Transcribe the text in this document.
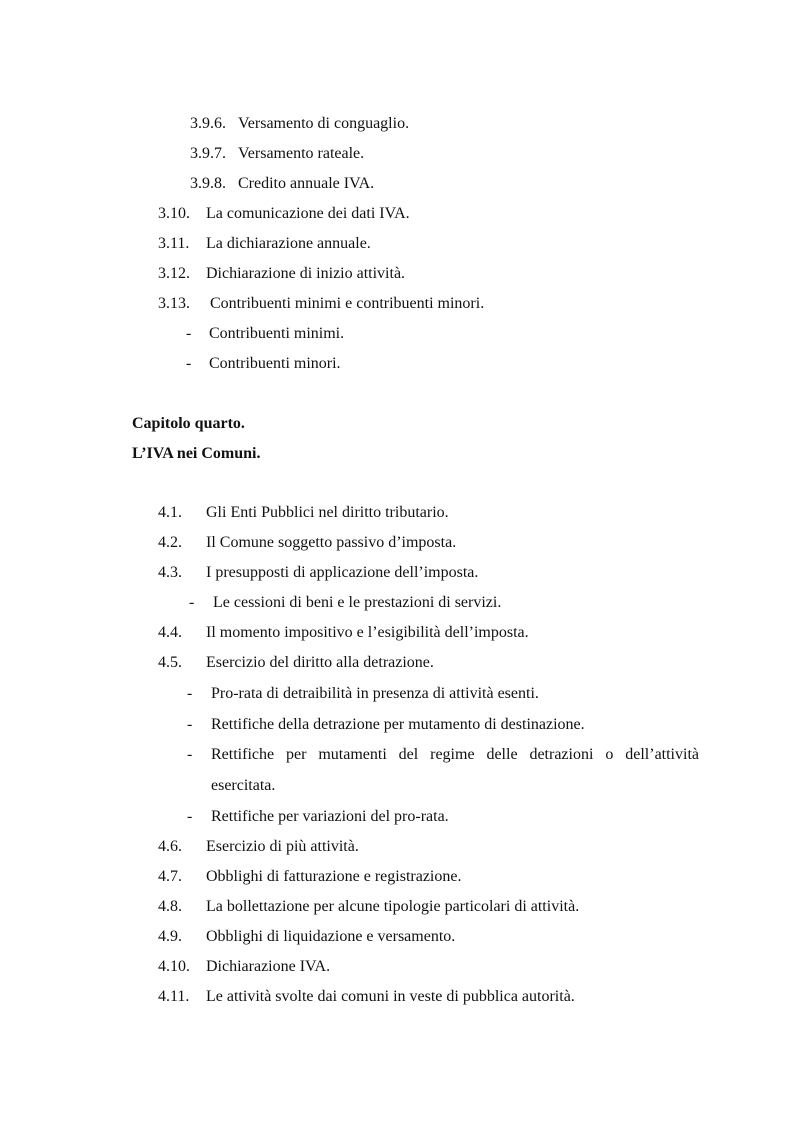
3.9.6. Versamento di conguaglio.
3.9.7. Versamento rateale.
3.9.8. Credito annuale IVA.
3.10. La comunicazione dei dati IVA.
3.11. La dichiarazione annuale.
3.12. Dichiarazione di inizio attività.
3.13. Contribuenti minimi e contribuenti minori.
- Contribuenti minimi.
- Contribuenti minori.
Capitolo quarto.
L’IVA nei Comuni.
4.1. Gli Enti Pubblici nel diritto tributario.
4.2. Il Comune soggetto passivo d’imposta.
4.3. I presupposti di applicazione dell’imposta.
- Le cessioni di beni e le prestazioni di servizi.
4.4. Il momento impositivo e l’esigibilità dell’imposta.
4.5. Esercizio del diritto alla detrazione.
- Pro-rata di detraibilità in presenza di attività esenti.
- Rettifiche della detrazione per mutamento di destinazione.
- Rettifiche per mutamenti del regime delle detrazioni o dell’attività
esercitata.
- Rettifiche per variazioni del pro-rata.
4.6. Esercizio di più attività.
4.7. Obblighi di fatturazione e registrazione.
4.8. La bollettazione per alcune tipologie particolari di attività.
4.9. Obblighi di liquidazione e versamento.
4.10. Dichiarazione IVA.
4.11. Le attività svolte dai comuni in veste di pubblica autorità.
